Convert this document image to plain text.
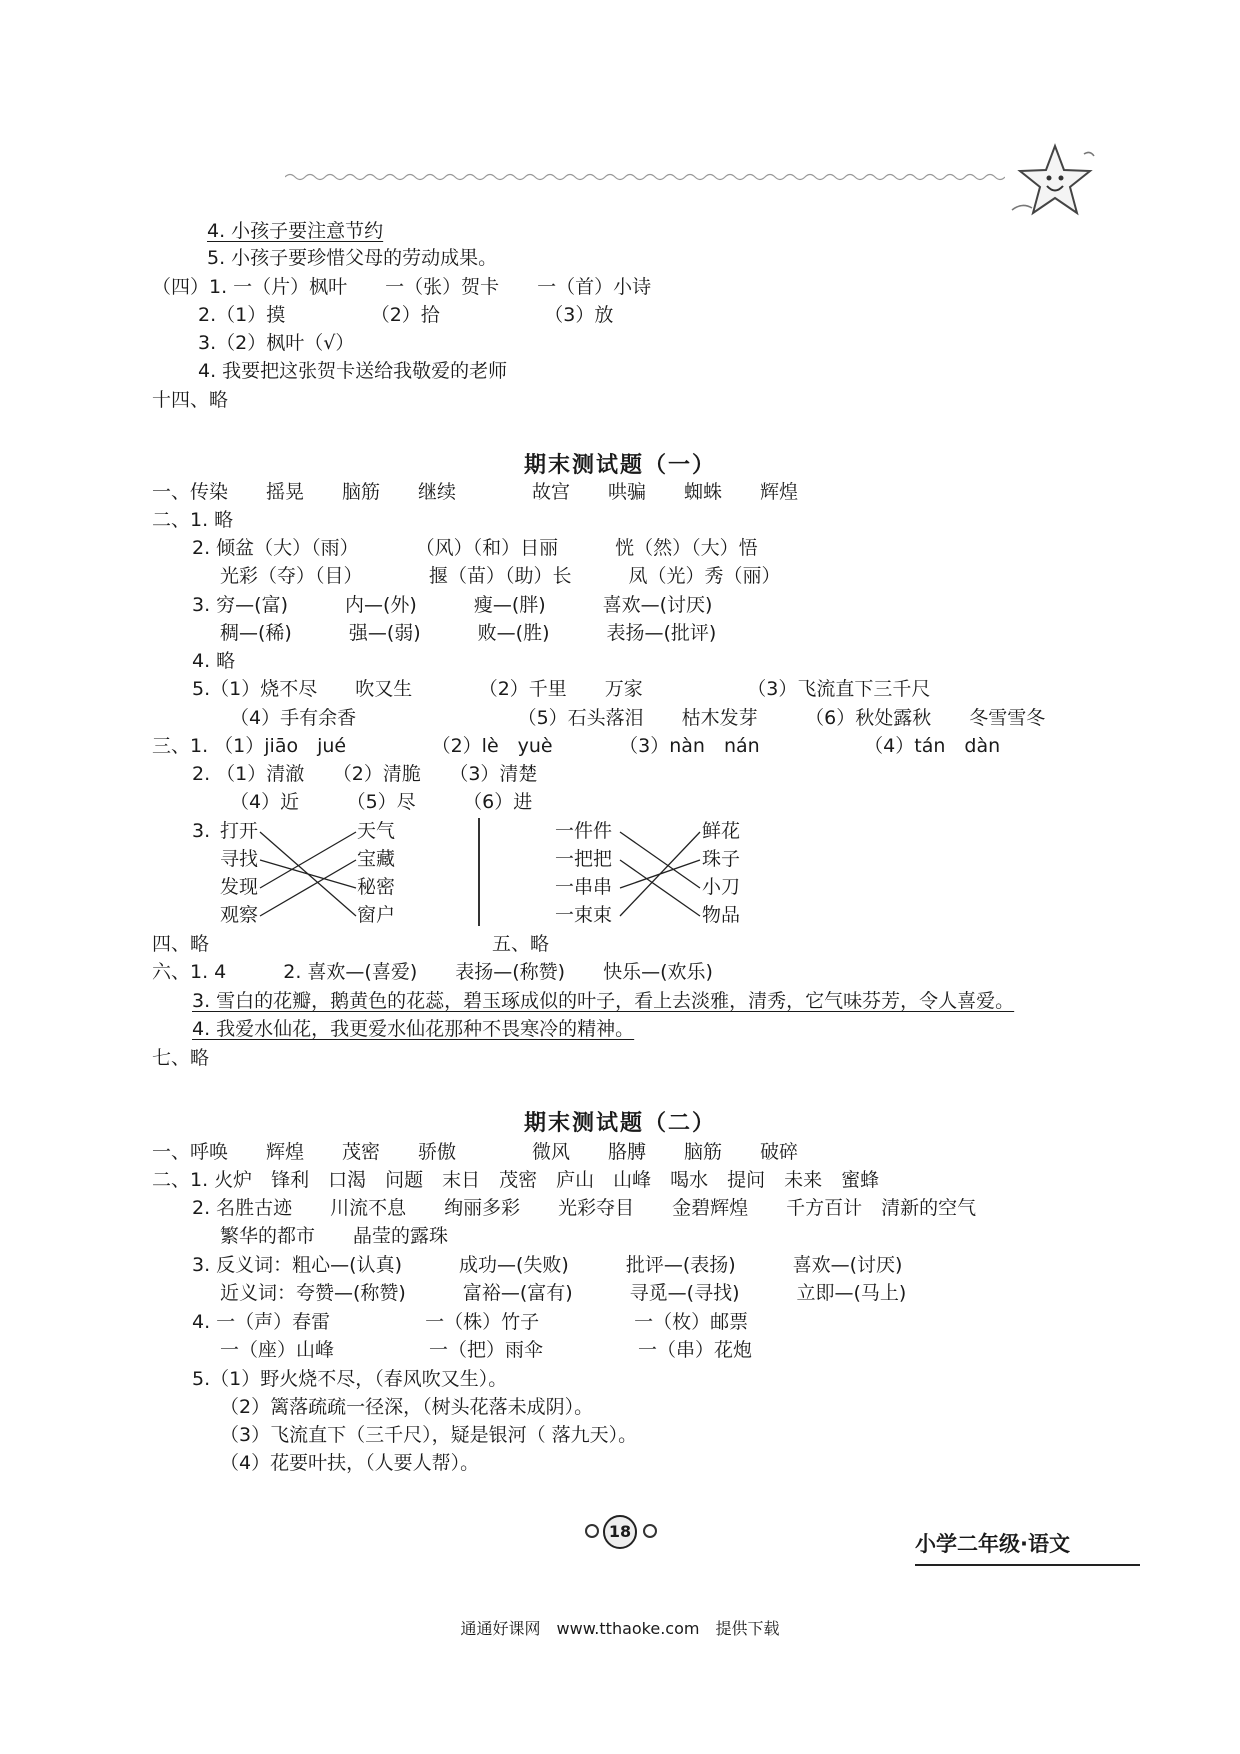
4. 小孩子要注意节约
5. 小孩子要珍惜父母的劳动成果。
（四）1. 一（片）枫叶　　一（张）贺卡　　一（首）小诗
2.（1）摸　　　　　（2）拾　　　　　　（3）放
3.（2）枫叶（√）
4. 我要把这张贺卡送给我敬爱的老师
十四、略
期末测试题（一）
一、传染　　摇晃　　脑筋　　继续　　　　故宫　　哄骗　　蜘蛛　　辉煌
二、1. 略
2. 倾盆（大）（雨）　　　　（风）（和）日丽　　　恍（然）（大）悟
光彩（夺）（目）　　　　揠（苗）（助）长　　　凤（光）秀（丽）
3. 穷—(富)　　　内—(外)　　　瘦—(胖)　　　喜欢—(讨厌)
稠—(稀)　　　强—(弱)　　　败—(胜)　　　表扬—(批评)
4. 略
5.（1）烧不尽　　吹又生　　　　（2）千里　　万家　　　　　　（3）飞流直下三千尺
（4）手有余香　　　　　　　　　（5）石头落泪　　枯木发芽　　　（6）秋处露秋　　冬雪雪冬
三、1. （1）jiāo　jué　　　　　（2）lè　yuè　　　　（3）nàn　nán　　　　　　（4）tán　dàn
2. （1）清澈　　（2）清脆　　（3）清楚
（4）近　　　（5）尽　　　（6）进
3. 打开
寻找
发现
观察
天气
宝藏
秘密
窗户
一件件
一把把
一串串
一束束
鲜花
珠子
小刀
物品
四、略	五、略
六、1. 4　　　2. 喜欢—(喜爱)　　表扬—(称赞)　　快乐—(欢乐)
3. 雪白的花瓣，鹅黄色的花蕊，碧玉琢成似的叶子，看上去淡雅，清秀，它气味芬芳，令人喜爱。
4. 我爱水仙花，我更爱水仙花那种不畏寒冷的精神。
七、略
期末测试题（二）
一、呼唤　　辉煌　　茂密　　骄傲　　　　微风　　胳膊　　脑筋　　破碎
二、1. 火炉　锋利　口渴　问题　末日　茂密　庐山　山峰　喝水　提问　未来　蜜蜂
2. 名胜古迹　　川流不息　　绚丽多彩　　光彩夺目　　金碧辉煌　　千方百计　清新的空气
繁华的都市　　晶莹的露珠
3. 反义词：粗心—(认真)　　　成功—(失败)　　　批评—(表扬)　　　喜欢—(讨厌)
近义词：夸赞—(称赞)　　　富裕—(富有)　　　寻觅—(寻找)　　　立即—(马上)
4. 一（声）春雷　　　　　一（株）竹子　　　　　一（枚）邮票
一（座）山峰　　　　　一（把）雨伞　　　　　一（串）花炮
5.（1）野火烧不尽，（春风吹又生）。
（2）篱落疏疏一径深，（树头花落未成阴）。
（3）飞流直下（三千尺），疑是银河（ 落九天）。
（4）花要叶扶，（人要人帮）。
18
小学二年级·语文
通通好课网　www.tthaoke.com　提供下载
